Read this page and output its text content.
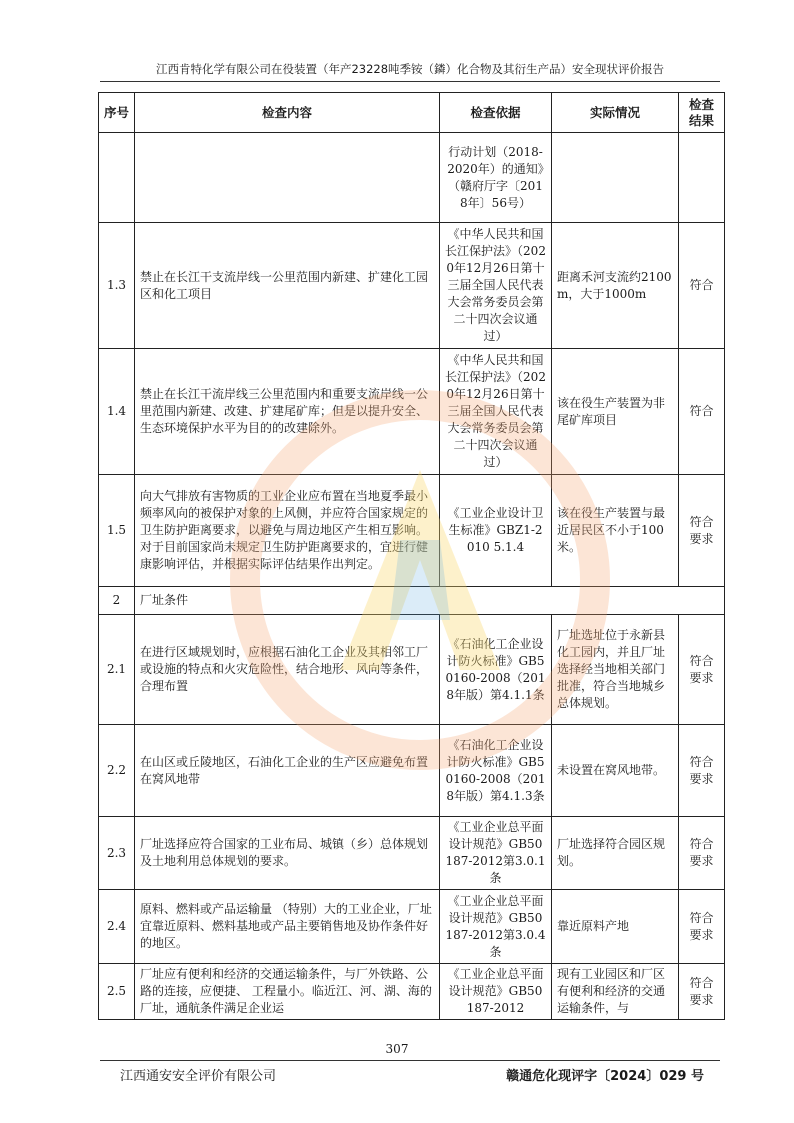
江西肯特化学有限公司在役装置（年产23228吨季铵（鏻）化合物及其衍生产品）安全现状评价报告
序号	检查内容	检查依据	实际情况	检查结果
		行动计划（2018-2020年）的通知》（赣府厅字〔2018年〕56号）		
1.3	禁止在长江干支流岸线一公里范围内新建、扩建化工园区和化工项目	《中华人民共和国长江保护法》（2020年12月26日第十三届全国人民代表大会常务委员会第二十四次会议通过）	距离禾河支流约2100m，大于1000m	符合
1.4	禁止在长江干流岸线三公里范围内和重要支流岸线一公里范围内新建、改建、扩建尾矿库；但是以提升安全、生态环境保护水平为目的的改建除外。	《中华人民共和国长江保护法》（2020年12月26日第十三届全国人民代表大会常务委员会第二十四次会议通过）	该在役生产装置为非尾矿库项目	符合
1.5	向大气排放有害物质的工业企业应布置在当地夏季最小频率风向的被保护对象的上风侧，并应符合国家规定的卫生防护距离要求，以避免与周边地区产生相互影响。对于目前国家尚未规定卫生防护距离要求的，宜进行健康影响评估，并根据实际评估结果作出判定。	《工业企业设计卫生标准》GBZ1-2010 5.1.4	该在役生产装置与最近居民区不小于100米。	符合要求
2	厂址条件			
2.1	在进行区域规划时，应根据石油化工企业及其相邻工厂或设施的特点和火灾危险性，结合地形、风向等条件，合理布置	《石油化工企业设计防火标准》GB50160-2008（2018年版）第4.1.1条	厂址选址位于永新县化工园内，并且厂址选择经当地相关部门批准，符合当地城乡总体规划。	符合要求
2.2	在山区或丘陵地区，石油化工企业的生产区应避免布置在窝风地带	《石油化工企业设计防火标准》GB50160-2008（2018年版）第4.1.3条	未设置在窝风地带。	符合要求
2.3	厂址选择应符合国家的工业布局、城镇（乡）总体规划及土地利用总体规划的要求。	《工业企业总平面设计规范》GB50187-2012第3.0.1条	厂址选择符合园区规划。	符合要求
2.4	原料、燃料或产品运输量 （特别）大的工业企业，厂址宜靠近原料、燃料基地或产品主要销售地及协作条件好的地区。	《工业企业总平面设计规范》GB50187-2012第3.0.4条	靠近原料产地	符合要求
2.5	厂址应有便利和经济的交通运输条件，与厂外铁路、公路的连接，应便捷、 工程量小。临近江、河、湖、海的厂址，通航条件满足企业运	《工业企业总平面设计规范》GB50187-2012	现有工业园区和厂区有便利和经济的交通运输条件，与	符合要求
307
江西通安安全评价有限公司	赣通危化现评字〔2024〕029 号
